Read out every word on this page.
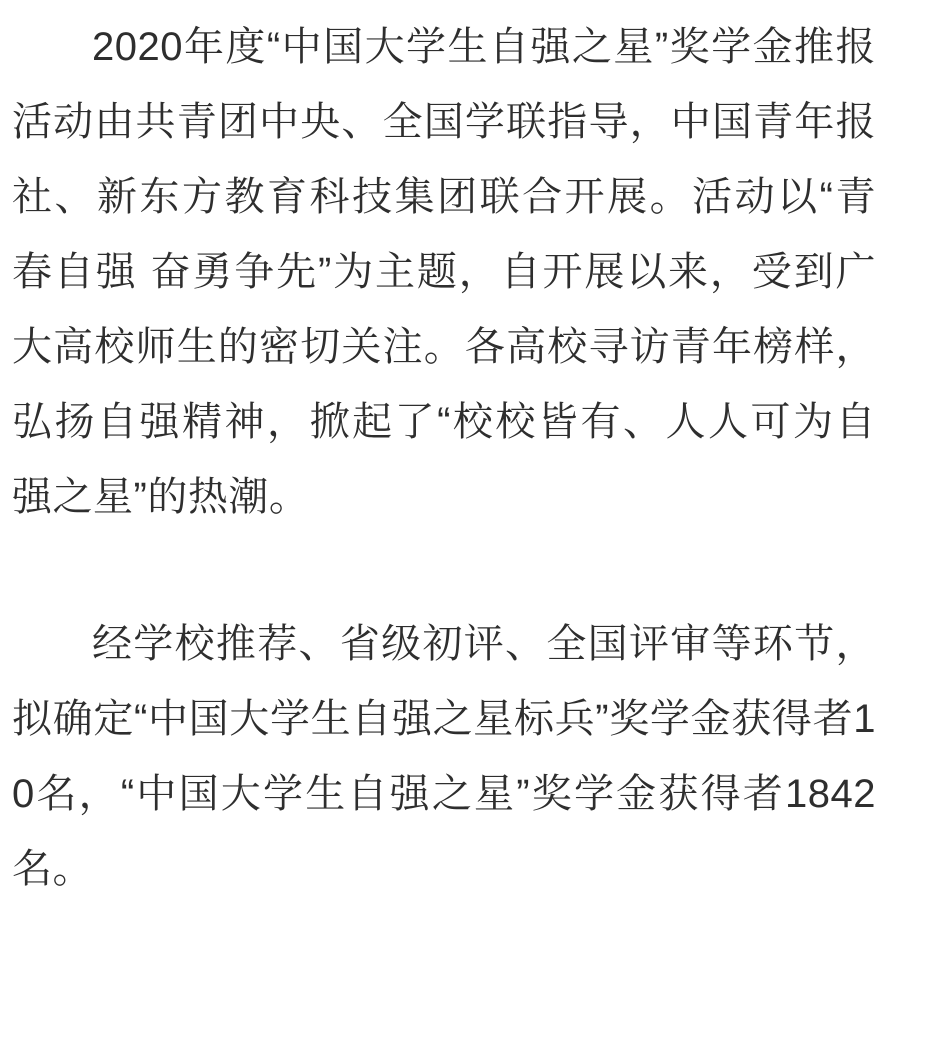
2020年度“中国大学生自强之星”奖学金推报活动由共青团中央、全国学联指导，中国青年报社、新东方教育科技集团联合开展。活动以“青春自强 奋勇争先”为主题，自开展以来，受到广大高校师生的密切关注。各高校寻访青年榜样，弘扬自强精神，掀起了“校校皆有、人人可为自强之星”的热潮。

经学校推荐、省级初评、全国评审等环节，拟确定“中国大学生自强之星标兵”奖学金获得者10名，“中国大学生自强之星”奖学金获得者1842名。
